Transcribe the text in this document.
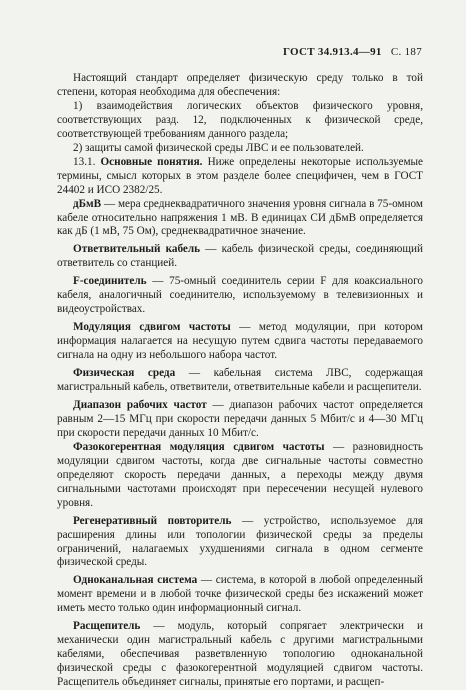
ГОСТ 34.913.4—91 С. 187

Настоящий стандарт определяет физическую среду только в той степени, которая необходима для обеспечения:

1) взаимодействия логических объектов физического уровня, соответствующих разд. 12, подключенных к физической среде, соответствующей требованиям данного раздела;

2) защиты самой физической среды ЛВС и ее пользователей.

13.1. Основные понятия. Ниже определены некоторые используемые термины, смысл которых в этом разделе более специфичен, чем в ГОСТ 24402 и ИСО 2382/25.

дБмВ — мера среднеквадратичного значения уровня сигнала в 75-омном кабеле относительно напряжения 1 мВ. В единицах СИ дБмВ определяется как дБ (1 мВ, 75 Ом), среднеквадратичное значение.

Ответвительный кабель — кабель физической среды, соединяющий ответвитель со станцией.

F-соединитель — 75-омный соединитель серии F для коаксиального кабеля, аналогичный соединителю, используемому в телевизионных и видеоустройствах.

Модуляция сдвигом частоты — метод модуляции, при котором информация налагается на несущую путем сдвига частоты передаваемого сигнала на одну из небольшого набора частот.

Физическая среда — кабельная система ЛВС, содержащая магистральный кабель, ответвители, ответвительные кабели и расщепители.

Диапазон рабочих частот — диапазон рабочих частот определяется равным 2—15 МГц при скорости передачи данных 5 Мбит/с и 4—30 МГц при скорости передачи данных 10 Мбит/с.

Фазокогерентная модуляция сдвигом частоты — разновидность модуляции сдвигом частоты, когда две сигнальные частоты совместно определяют скорость передачи данных, а переходы между двумя сигнальными частотами происходят при пересечении несущей нулевого уровня.

Регенеративный повторитель — устройство, используемое для расширения длины или топологии физической среды за пределы ограничений, налагаемых ухудшениями сигнала в одном сегменте физической среды.

Одноканальная система — система, в которой в любой определенный момент времени и в любой точке физической среды без искажений может иметь место только один информационный сигнал.

Расщепитель — модуль, который сопрягает электрически и механически один магистральный кабель с другими магистральными кабелями, обеспечивая разветвленную топологию одноканальной физической среды с фазокогерентной модуляцией сдвигом частоты. Расщепитель объединяет сигналы, принятые его портами, и расщеп-
